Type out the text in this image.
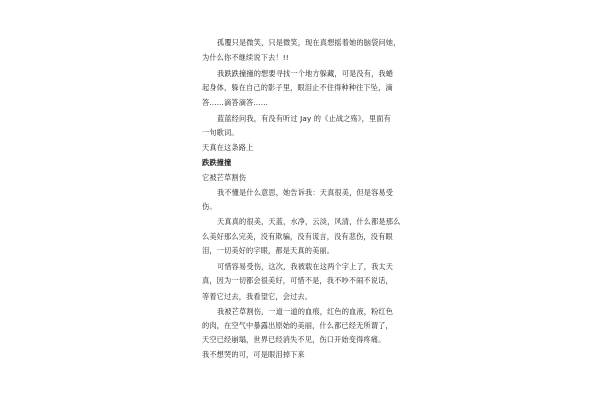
孤覆只是微笑，只是微笑，现在真想摇着她的脑袋问她，
为什么你不继续说下去！!!
我跌跌撞撞的想要寻找一个地方躲藏，可是没有，我蜷
起身体，躲在自己的影子里，眼泪止不住得种种往下坠，滴
答……滴答滴答……
蓝蓝经问我，有没有听过 Jay 的《止战之殇》，里面有
一句歌词。
天真在这条路上
跌跌撞撞
它被芒草割伤
我不懂是什么意思，她告诉我：天真很美，但是容易受
伤。
天真真的很美，天蓝，水净，云淡，风清，什么都是那么
么美好那么完美，没有欺骗，没有谎言，没有悲伤，没有眼
泪，一切美好的字眼，都是天真的美丽。
可惜容易受伤，这次，我被载在这两个字上了，我太天
真，因为一切都会很美好，可惜不是，我不吵不闹不说话，
等着它过去，我看望它，会过去。
我被芒草割伤，一道一道的血痕，红色的血液，粉红色
的肉，在空气中暴露出原始的美丽，什么都已经无所谓了，
天空已经崩塌，世界已经消失不见，伤口开始变得疼痛。
我不想哭的可，可是眼泪掉下来
